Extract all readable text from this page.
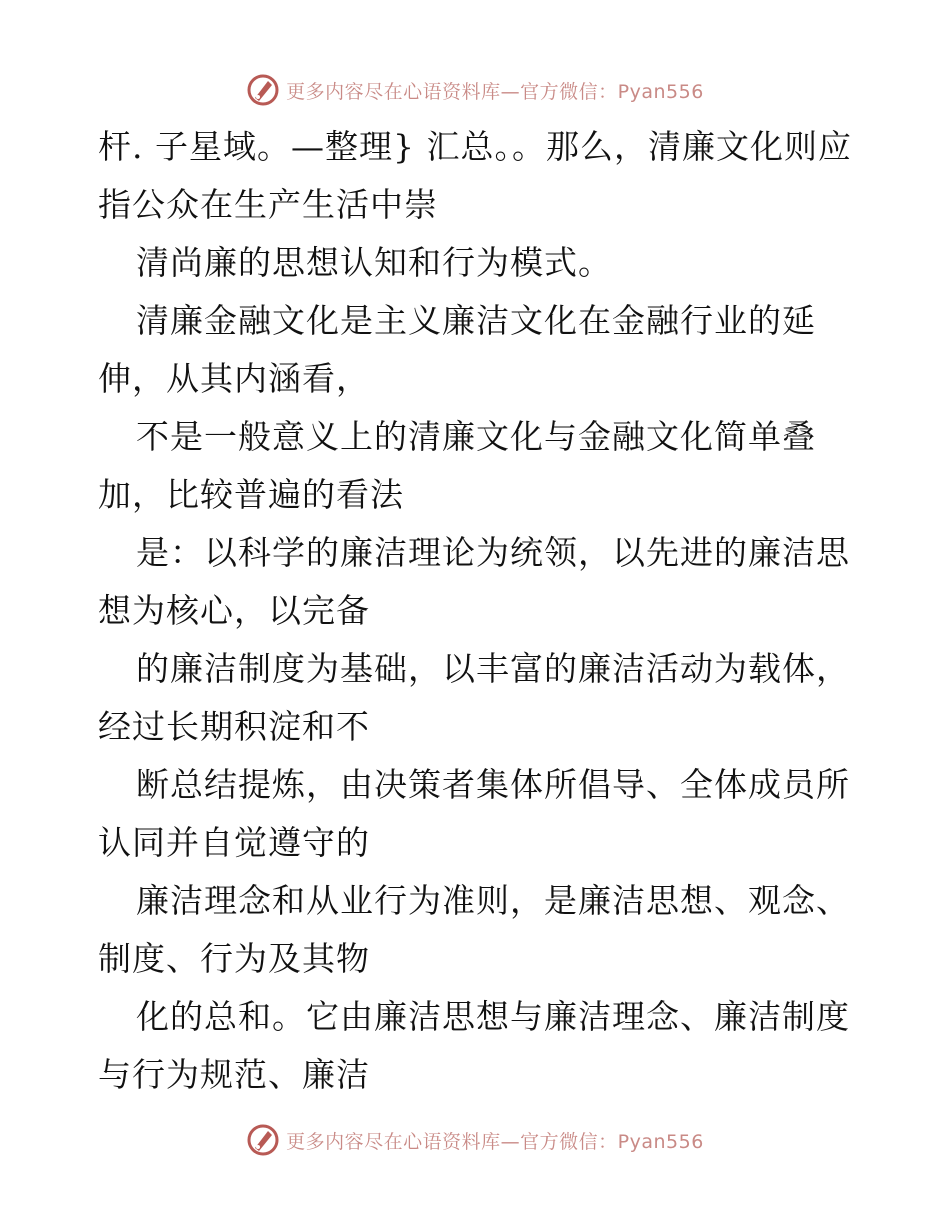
更多内容尽在心语资料库—官方微信：Pyan556
杆. 子星域。—整理} 汇总。。那么，清廉文化则应
指公众在生产生活中崇
清尚廉的思想认知和行为模式。
清廉金融文化是主义廉洁文化在金融行业的延
伸，从其内涵看，
不是一般意义上的清廉文化与金融文化简单叠
加，比较普遍的看法
是：以科学的廉洁理论为统领，以先进的廉洁思
想为核心，以完备
的廉洁制度为基础，以丰富的廉洁活动为载体，
经过长期积淀和不
断总结提炼，由决策者集体所倡导、全体成员所
认同并自觉遵守的
廉洁理念和从业行为准则，是廉洁思想、观念、
制度、行为及其物
化的总和。它由廉洁思想与廉洁理念、廉洁制度
与行为规范、廉洁
更多内容尽在心语资料库—官方微信：Pyan556
